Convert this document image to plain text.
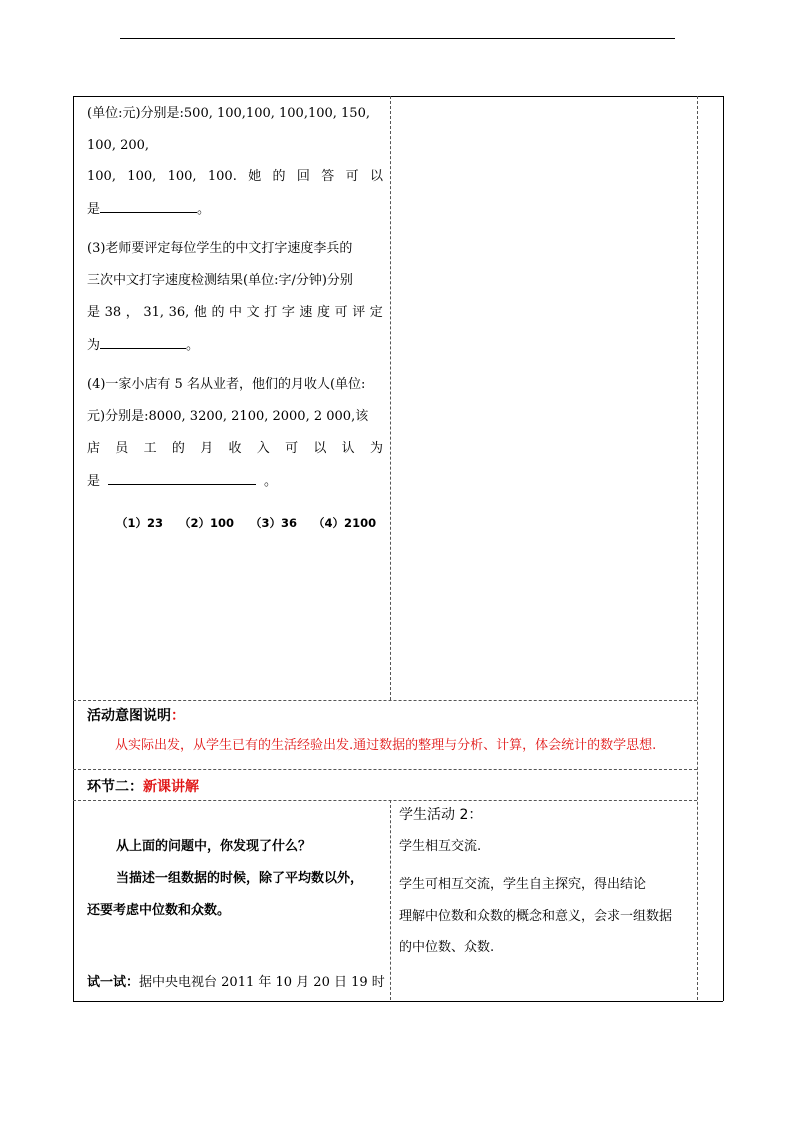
(单位:元)分别是:500, 100,100, 100,100, 150,
100, 200,
100, 100, 100, 100. 她 的 回 答 可 以
是	。
(3)老师要评定每位学生的中文打字速度李兵的
三次中文打字速度检测结果(单位:字/分钟)分别
是 38 ， 31, 36, 他 的 中 文 打 字 速 度 可 评 定
为	。
(4)一家小店有 5 名从业者，他们的月收人(单位:
元)分别是:8000, 3200, 2100, 2000, 2 000,该
店 员 工 的 月 收 入 可 以 认 为
是	。
（1）23    （2）100    （3）36    （4）2100
活动意图说明：
从实际出发，从学生已有的生活经验出发.通过数据的整理与分析、计算，体会统计的数学思想.
环节二：新课讲解
从上面的问题中，你发现了什么？
当描述一组数据的时候，除了平均数以外，
还要考虑中位数和众数。
试一试：据中央电视台 2011 年 10 月 20 日 19 时
学生活动 2：
学生相互交流.
学生可相互交流，学生自主探究，得出结论
理解中位数和众数的概念和意义，会求一组数据
的中位数、众数.
